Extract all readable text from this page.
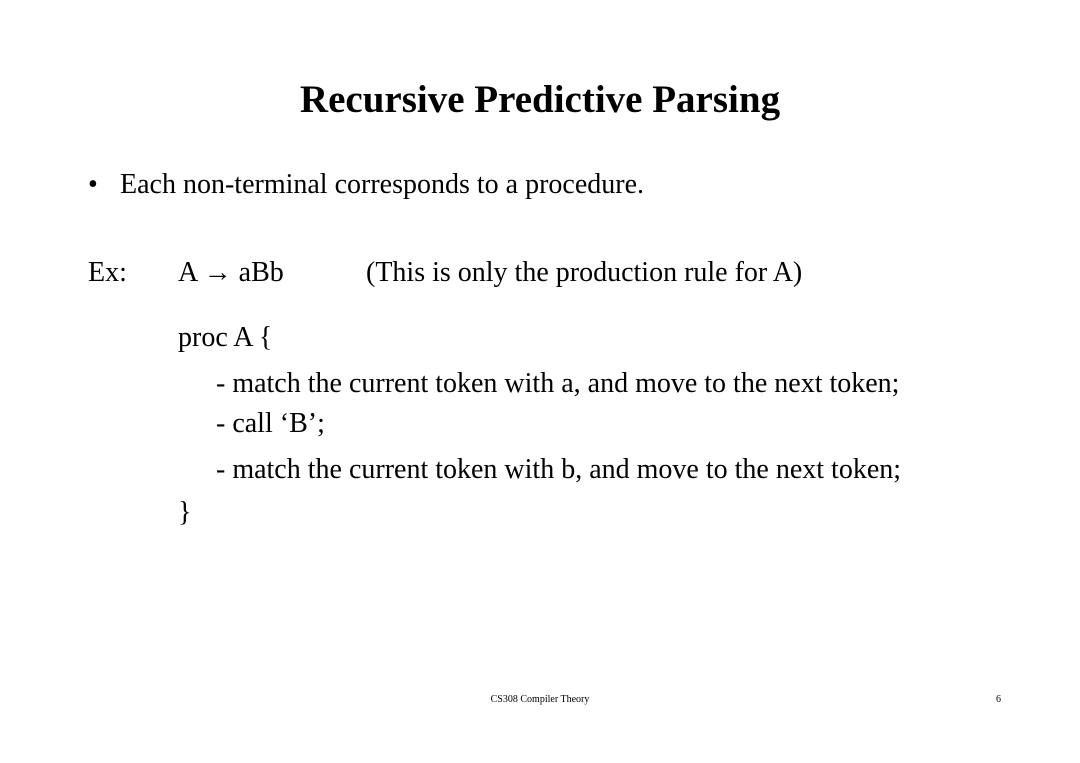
Recursive Predictive Parsing
• Each non-terminal corresponds to a procedure.
Ex: A → aBb	(This is only the production rule for A)
proc A {
- match the current token with a, and move to the next token;
- call ‘B’;
- match the current token with b, and move to the next token;
}
CS308 Compiler Theory	6
